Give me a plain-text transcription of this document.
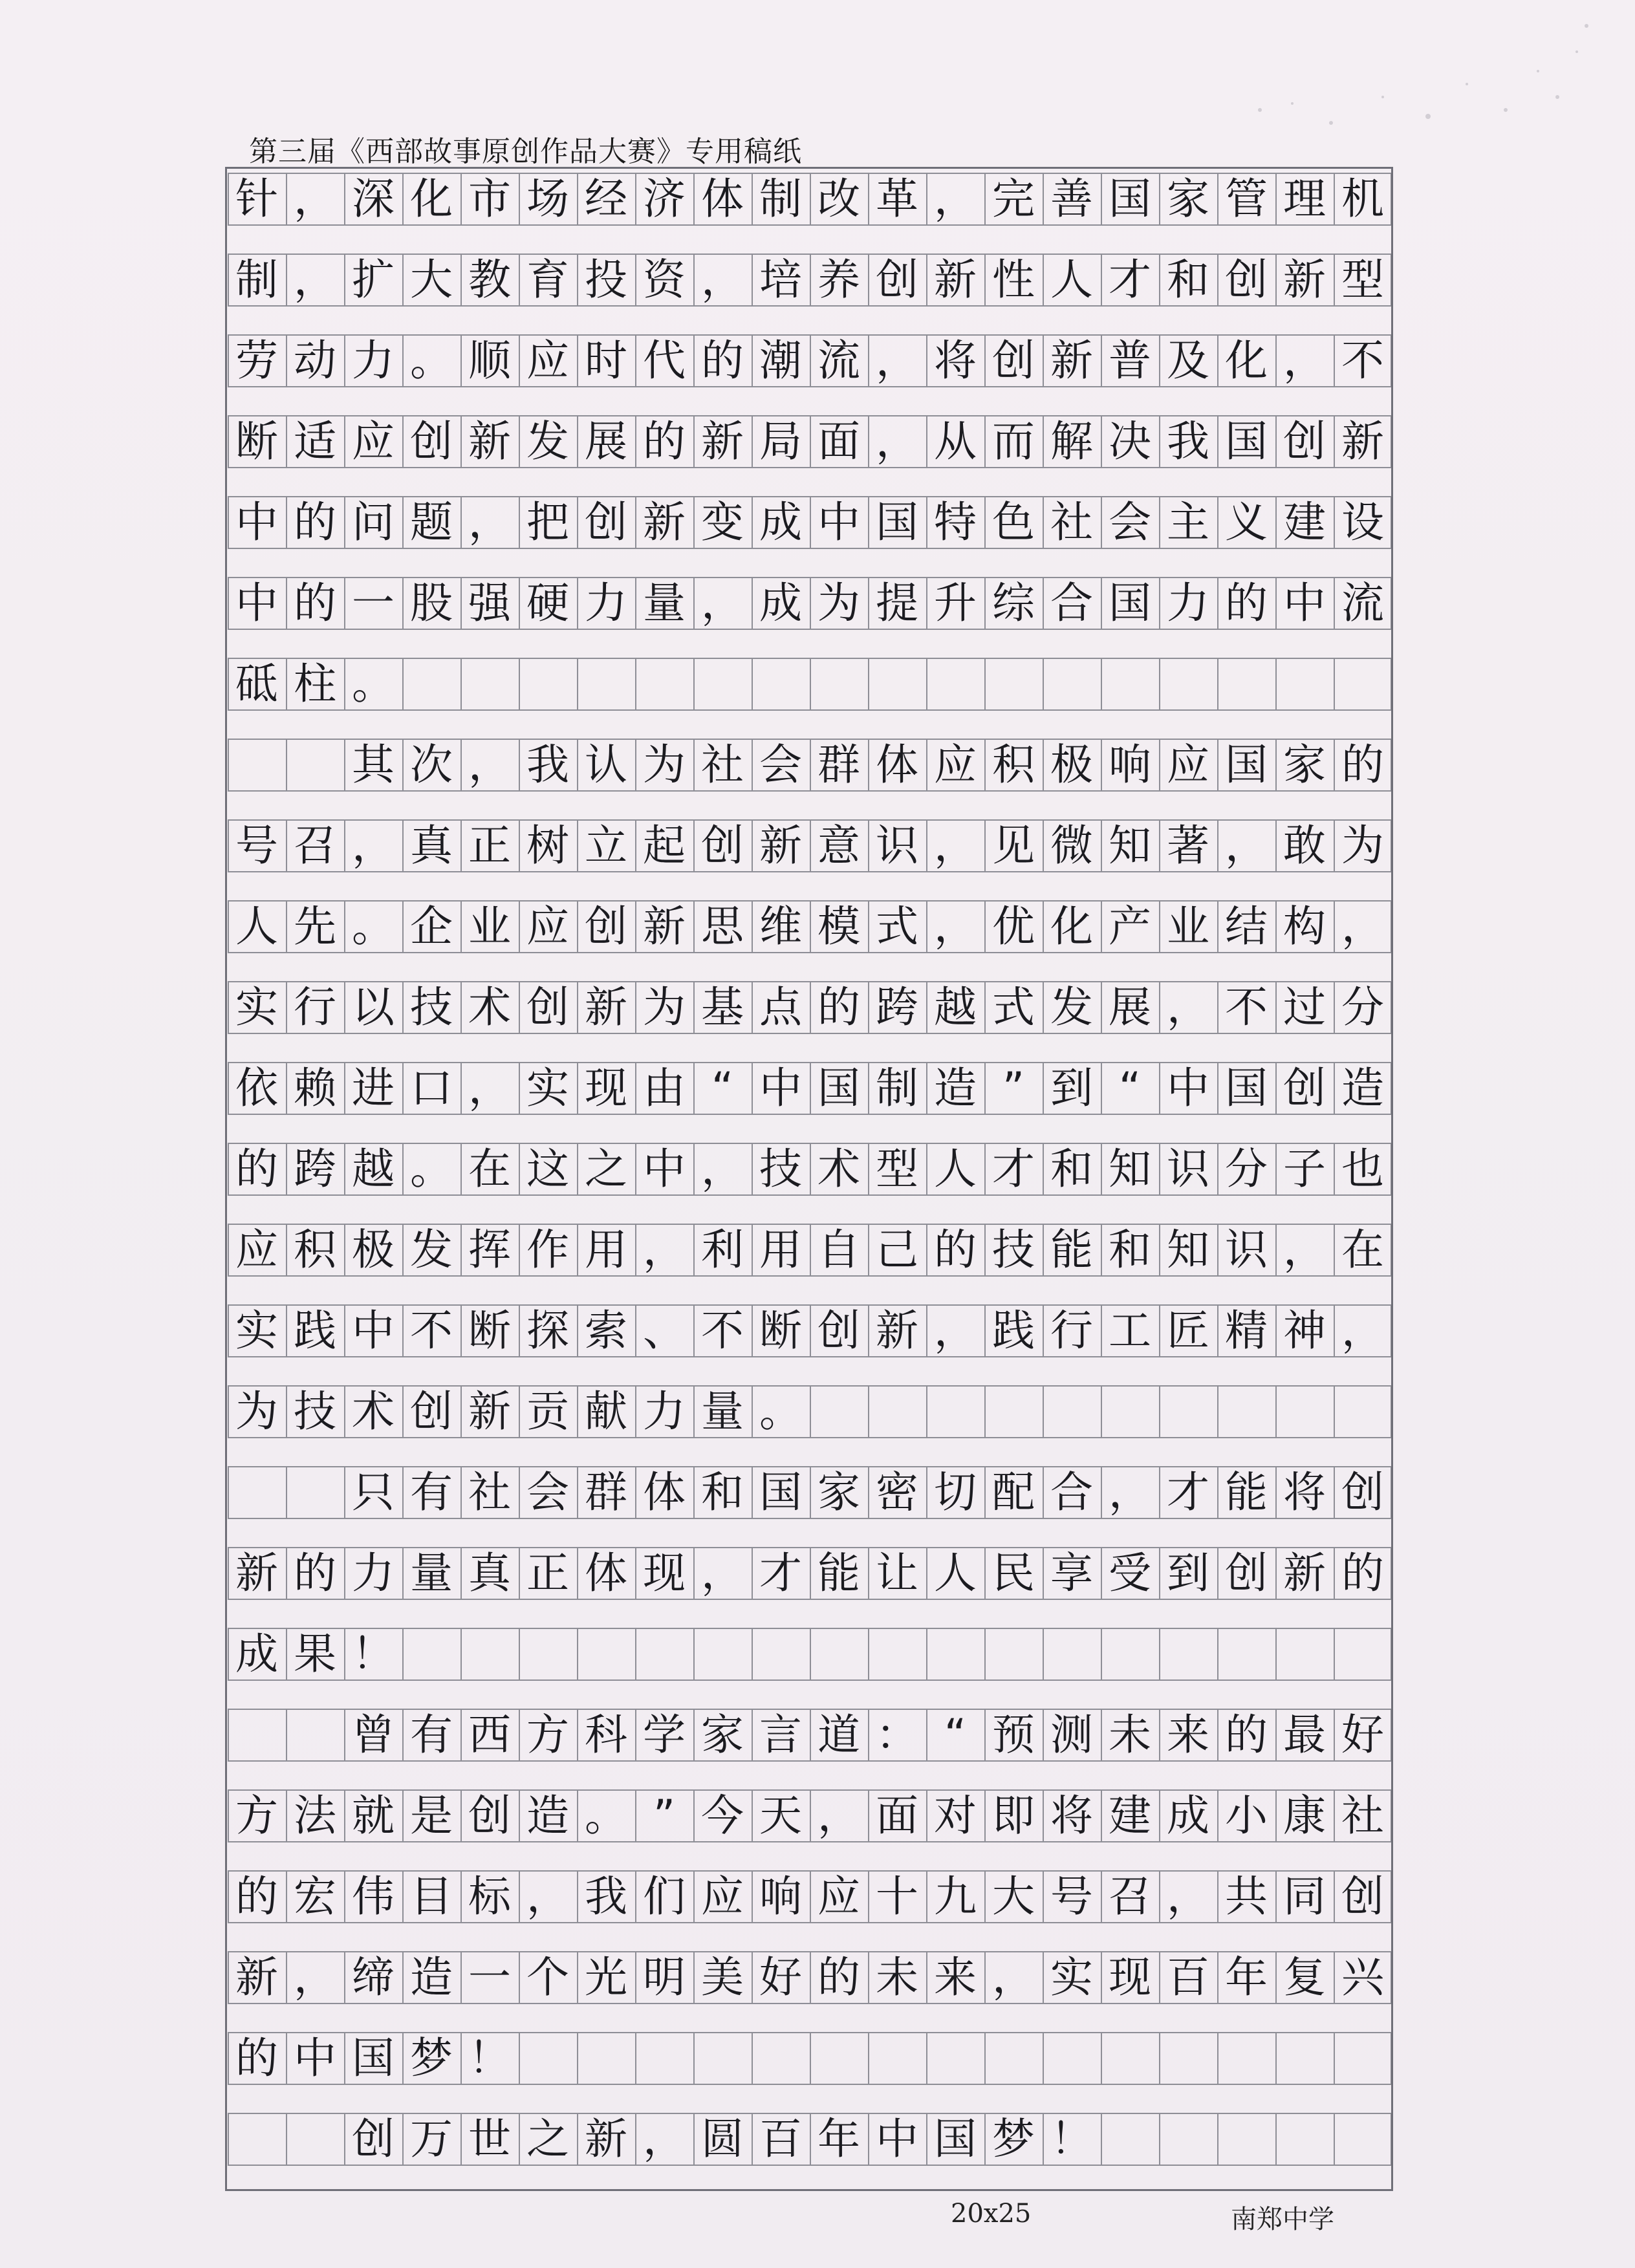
第三届《西部故事原创作品大赛》专用稿纸
针 ， 深 化 市 场 经 济 体 制 改 革 ， 完 善 国 家 管 理 机
制 ， 扩 大 教 育 投 资 ， 培 养 创 新 性 人 才 和 创 新 型
劳 动 力 。 顺 应 时 代 的 潮 流 ， 将 创 新 普 及 化 ， 不
断 适 应 创 新 发 展 的 新 局 面 ， 从 而 解 决 我 国 创 新
中 的 问 题 ， 把 创 新 变 成 中 国 特 色 社 会 主 义 建 设
中 的 一 股 强 硬 力 量 ， 成 为 提 升 综 合 国 力 的 中 流
砥 柱 。

其 次 ， 我 认 为 社 会 群 体 应 积 极 响 应 国 家 的
号 召 ， 真 正 树 立 起 创 新 意 识 ， 见 微 知 著 ， 敢 为
人 先 。 企 业 应 创 新 思 维 模 式 ， 优 化 产 业 结 构 ，
实 行 以 技 术 创 新 为 基 点 的 跨 越 式 发 展 ， 不 过 分
依 赖 进 口 ， 实 现 由 “ 中 国 制 造 ” 到 “ 中 国 创 造
的 跨 越 。 在 这 之 中 ， 技 术 型 人 才 和 知 识 分 子 也
应 积 极 发 挥 作 用 ， 利 用 自 己 的 技 能 和 知 识 ， 在
实 践 中 不 断 探 索 、 不 断 创 新 ， 践 行 工 匠 精 神 ，
为 技 术 创 新 贡 献 力 量 。

只 有 社 会 群 体 和 国 家 密 切 配 合 ， 才 能 将 创
新 的 力 量 真 正 体 现 ， 才 能 让 人 民 享 受 到 创 新 的
成 果 ！

曾 有 西 方 科 学 家 言 道 ： “ 预 测 未 来 的 最 好
方 法 就 是 创 造 。 ” 今 天 ， 面 对 即 将 建 成 小 康 社
的 宏 伟 目 标 ， 我 们 应 响 应 十 九 大 号 召 ， 共 同 创
新 ， 缔 造 一 个 光 明 美 好 的 未 来 ， 实 现 百 年 复 兴
的 中 国 梦 ！

创 万 世 之 新 ， 圆 百 年 中 国 梦 ！
20x25	南郑中学
